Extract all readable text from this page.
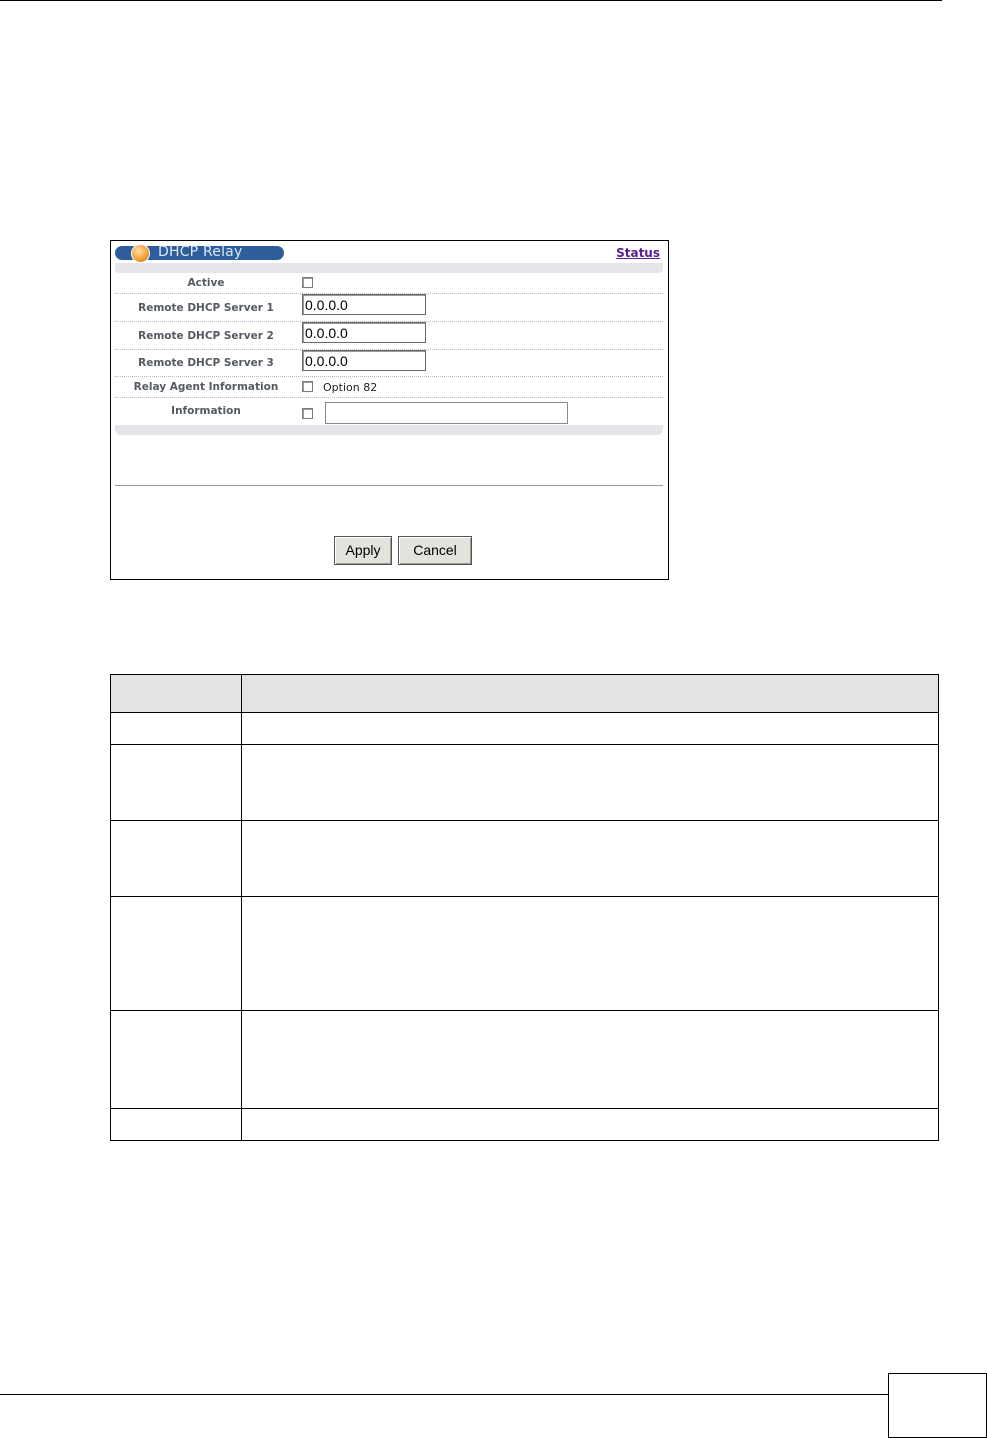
DHCP Relay	Status
Active
Remote DHCP Server 1	0.0.0.0
Remote DHCP Server 2	0.0.0.0
Remote DHCP Server 3	0.0.0.0
Relay Agent Information	Option 82
Information
Apply	Cancel
